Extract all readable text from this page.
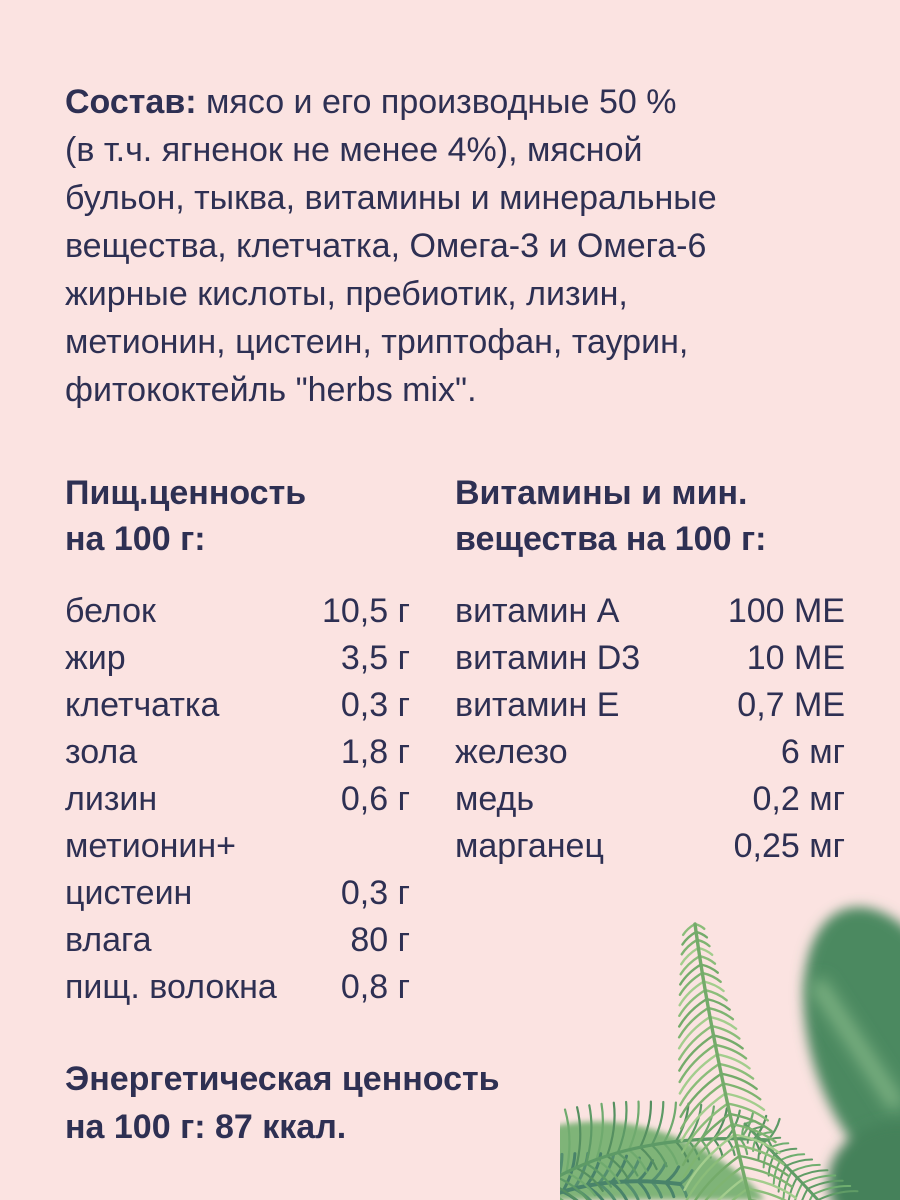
Состав: мясо и его производные 50 %
(в т.ч. ягненок не менее 4%), мясной
бульон, тыква, витамины и минеральные
вещества, клетчатка, Омега-3 и Омега-6
жирные кислоты, пребиотик, лизин,
метионин, цистеин, триптофан, таурин,
фитококтейль "herbs mix".
Пищ.ценность
на 100 г:
белок	10,5 г
жир	3,5 г
клетчатка	0,3 г
зола	1,8 г
лизин	0,6 г
метионин+
цистеин	0,3 г
влага	80 г
пищ. волокна 0,8 г
Витамины и мин.
вещества на 100 г:
витамин А	100 МЕ
витамин D3	10 МЕ
витамин Е	0,7 МЕ
железо	6 мг
медь	0,2 мг
марганец	0,25 мг
Энергетическая ценность
на 100 г: 87 ккал.
